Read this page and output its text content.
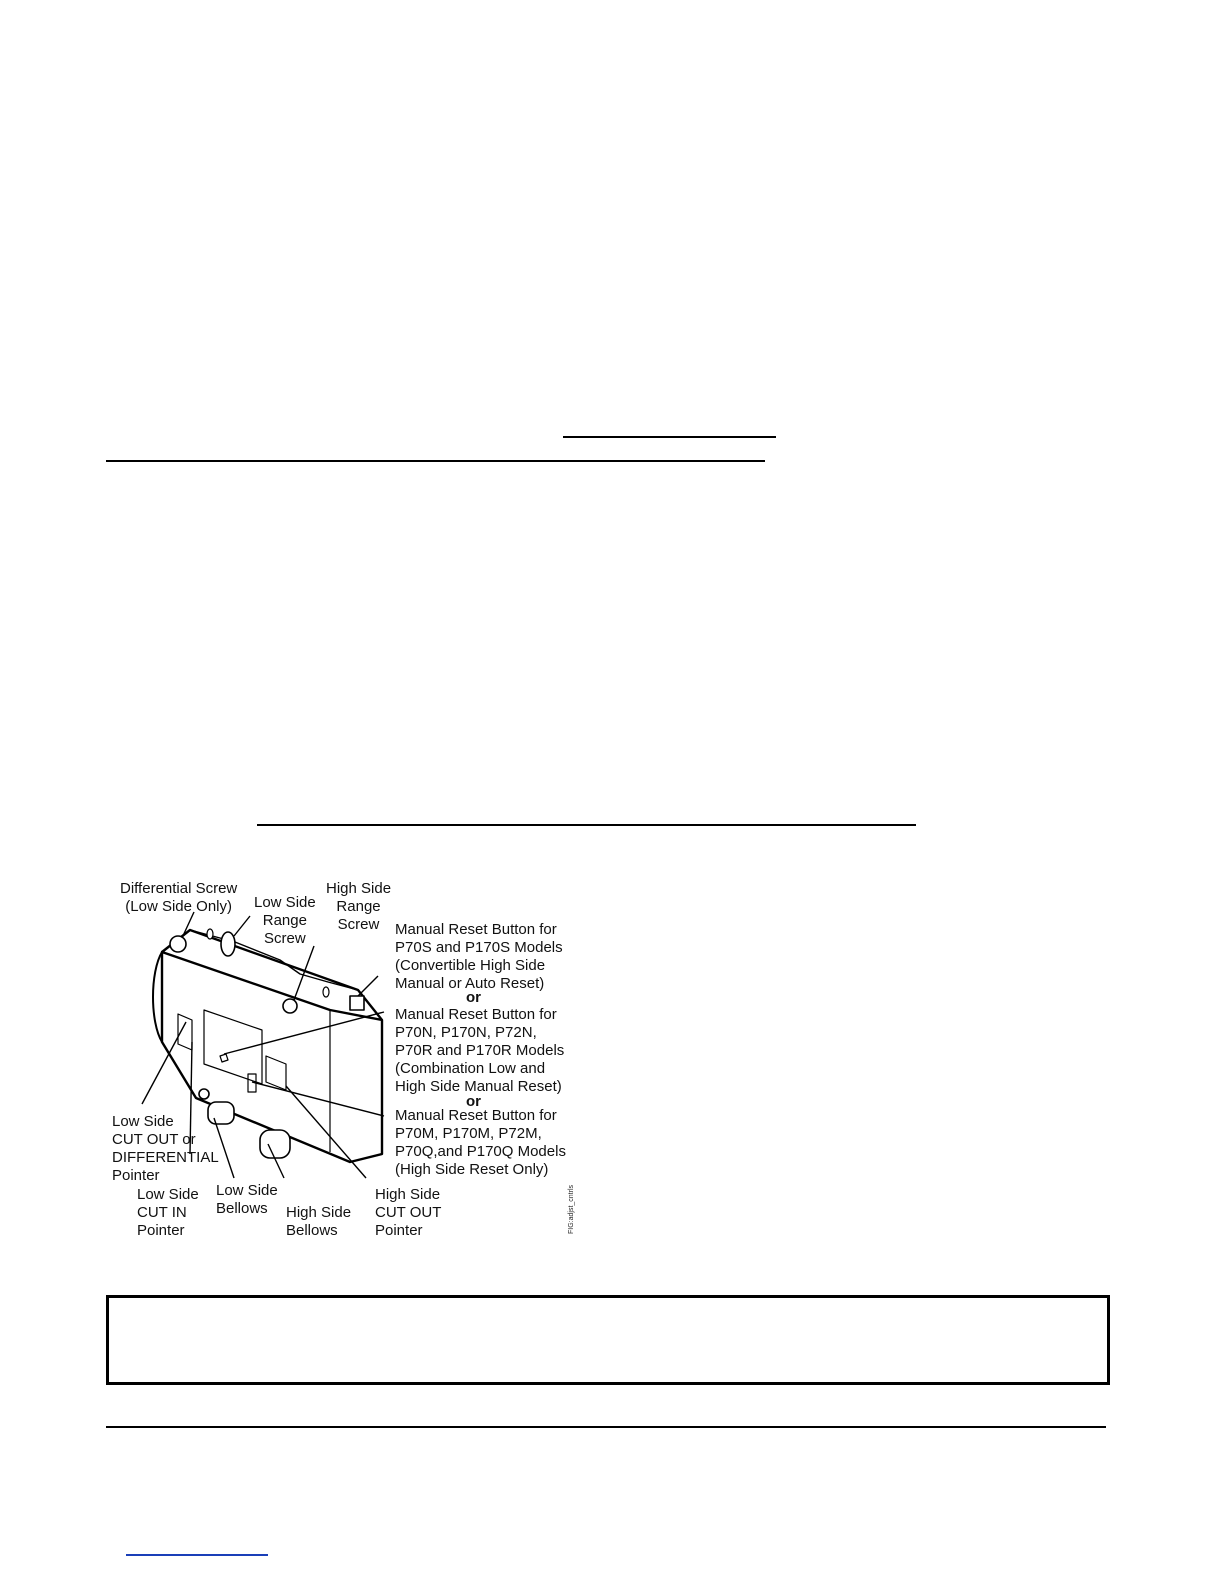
Differential Screw
(Low Side Only)	Low Side
Range
Screw
High Side
Range
Screw	Manual Reset Button for
P70S and P170S Models
(Convertible High Side
Manual or Auto Reset)
or
Manual Reset Button for
P70N, P170N, P72N,
P70R and P170R Models
(Combination Low and
High Side Manual Reset)
or
Manual Reset Button for
P70M, P170M, P72M,
P70Q,and P170Q Models
(High Side Reset Only)
Low Side
CUT OUT or
DIFFERENTIAL
Pointer
Low Side
CUT IN
Pointer
Low Side
Bellows	High Side
Bellows
High Side
CUT OUT
Pointer	FIG:adjst_cntrls
